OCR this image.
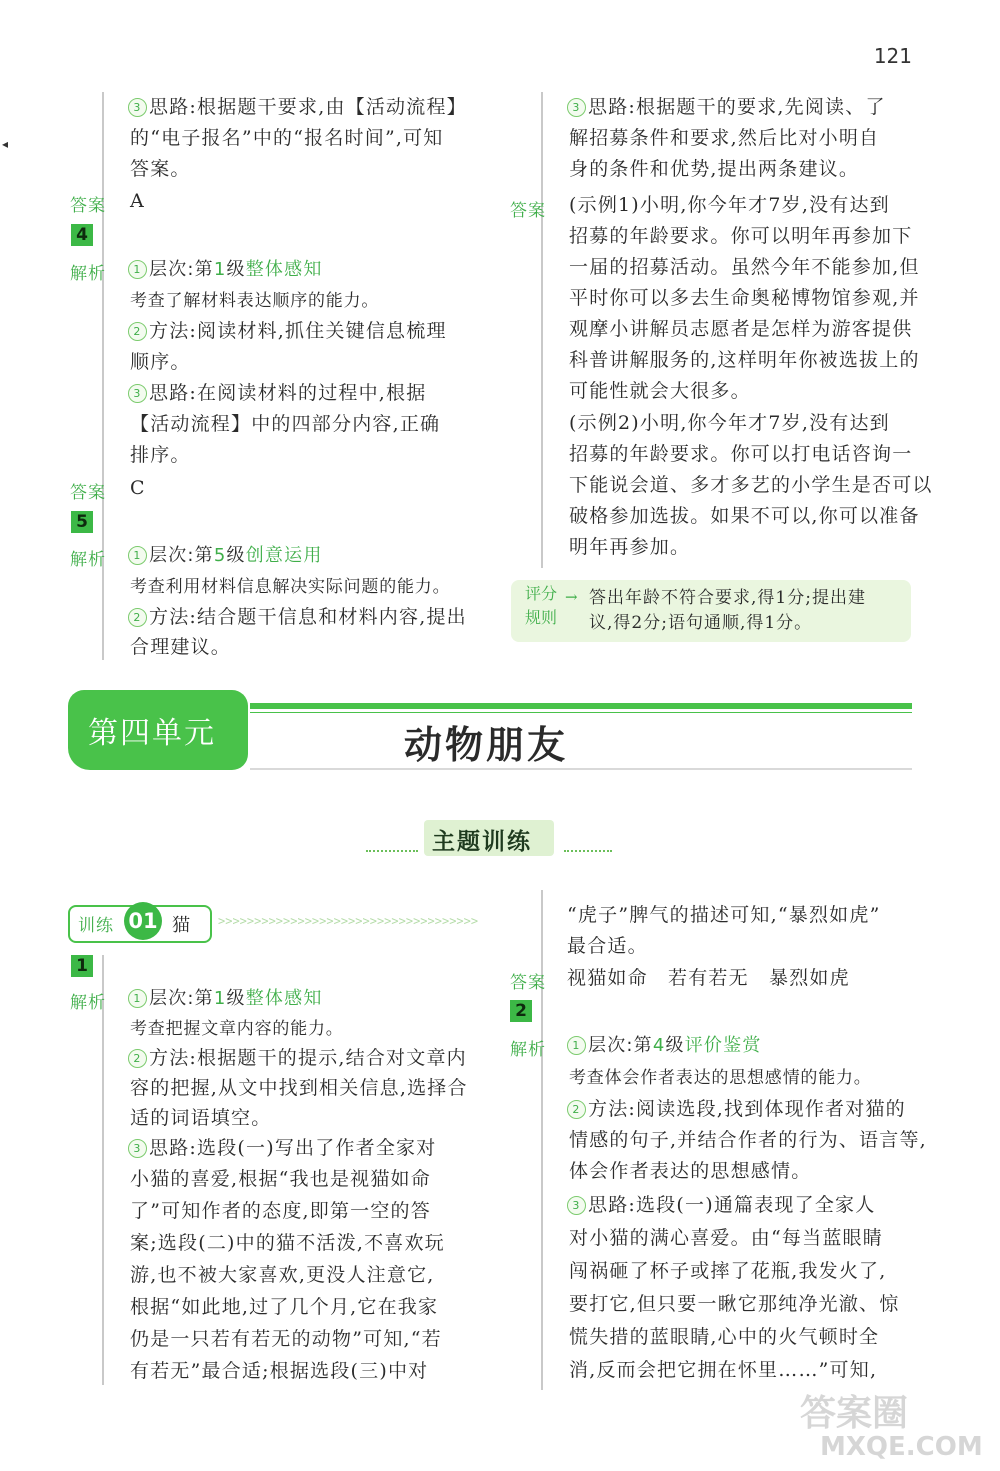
121
◂
3 思路:根据题干要求,由【活动流程】
的“电子报名”中的“报名时间”,可知
答案。
答案 A
4
解析	1 层次:第1级整体感知
考查了解材料表达顺序的能力。
2 方法:阅读材料,抓住关键信息梳理
顺序。
3 思路:在阅读材料的过程中,根据
【活动流程】中的四部分内容,正确
排序。
答案 C
5
解析	1 层次:第5级创意运用
考查利用材料信息解决实际问题的能力。
2 方法:结合题干信息和材料内容,提出
合理建议。
3 思路:根据题干的要求,先阅读、了
解招募条件和要求,然后比对小明自
身的条件和优势,提出两条建议。
答案 (示例1)小明,你今年才7岁,没有达到
招募的年龄要求。你可以明年再参加下
一届的招募活动。虽然今年不能参加,但
平时你可以多去生命奥秘博物馆参观,并
观摩小讲解员志愿者是怎样为游客提供
科普讲解服务的,这样明年你被选拔上的
可能性就会大很多。
(示例2)小明,你今年才7岁,没有达到
招募的年龄要求。你可以打电话咨询一
下能说会道、多才多艺的小学生是否可以
破格参加选拔。如果不可以,你可以准备
明年再参加。
评分
规则
→ 答出年龄不符合要求,得1分;提出建
议,得2分;语句通顺,得1分。
第四单元	动物朋友
主题训练
训练 01 猫 >>>>>>>>>>>>>>>>>>>>>>>>>>>>>>>>>>>>
1
解析	1 层次:第1级整体感知
考查把握文章内容的能力。
2 方法:根据题干的提示,结合对文章内
容的把握,从文中找到相关信息,选择合
适的词语填空。
3 思路:选段(一)写出了作者全家对
小猫的喜爱,根据“我也是视猫如命
了”可知作者的态度,即第一空的答
案;选段(二)中的猫不活泼,不喜欢玩
游,也不被大家喜欢,更没人注意它,
根据“如此地,过了几个月,它在我家
仍是一只若有若无的动物”可知,“若
有若无”最合适;根据选段(三)中对
“虎子”脾气的描述可知,“暴烈如虎”
最合适。
答案 视猫如命　若有若无　暴烈如虎
2
解析	1 层次:第4级评价鉴赏
考查体会作者表达的思想感情的能力。
2 方法:阅读选段,找到体现作者对猫的
情感的句子,并结合作者的行为、语言等,
体会作者表达的思想感情。
3 思路:选段(一)通篇表现了全家人
对小猫的满心喜爱。由“每当蓝眼睛
闯祸砸了杯子或摔了花瓶,我发火了,
要打它,但只要一瞅它那纯净光澈、惊
慌失措的蓝眼睛,心中的火气顿时全
消,反而会把它拥在怀里……”可知,
答案圈
MXQE.COM
